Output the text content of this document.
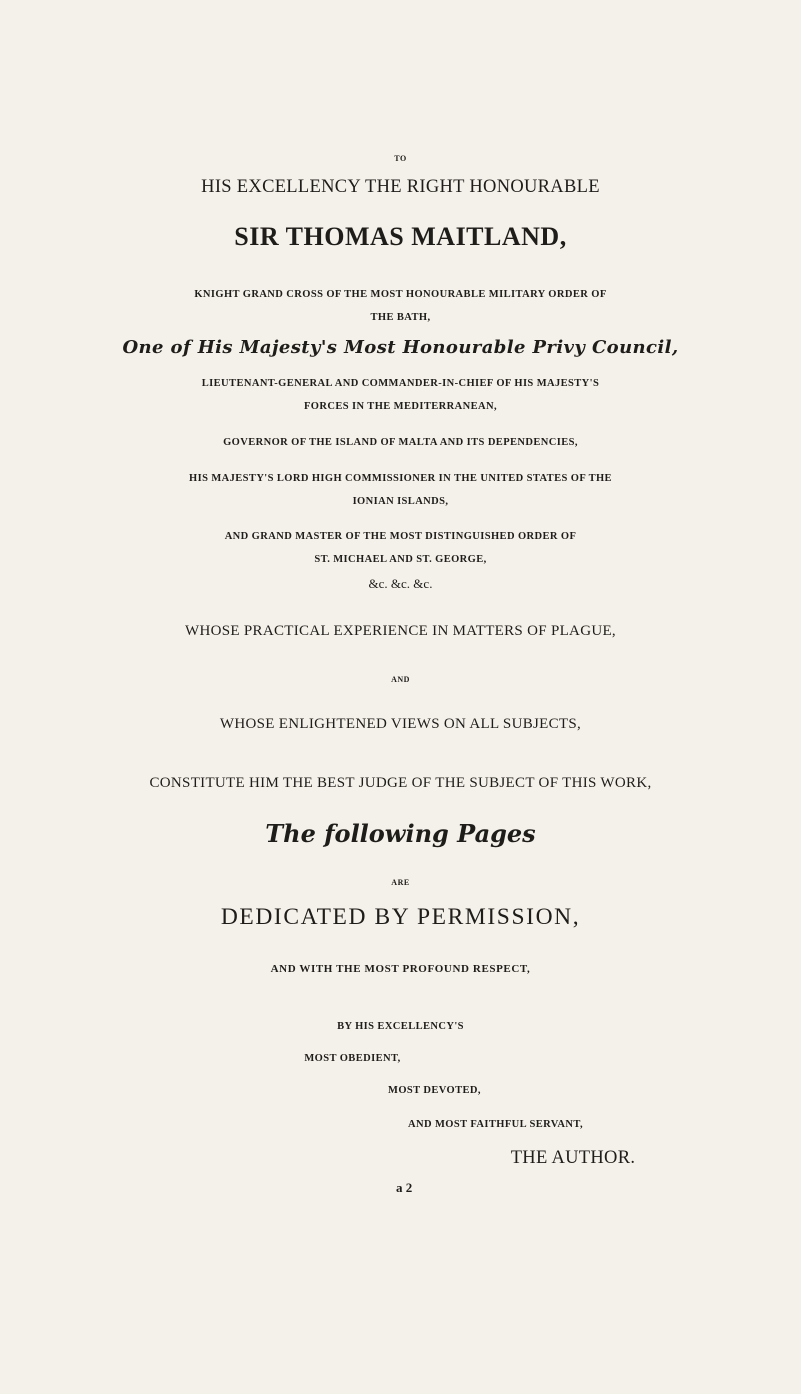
TO
HIS EXCELLENCY THE RIGHT HONOURABLE
SIR THOMAS MAITLAND,
KNIGHT GRAND CROSS OF THE MOST HONOURABLE MILITARY ORDER OF
THE BATH,
One of His Majesty's Most Honourable Privy Council,
LIEUTENANT-GENERAL AND COMMANDER-IN-CHIEF OF HIS MAJESTY'S
FORCES IN THE MEDITERRANEAN,
GOVERNOR OF THE ISLAND OF MALTA AND ITS DEPENDENCIES,
HIS MAJESTY'S LORD HIGH COMMISSIONER IN THE UNITED STATES OF THE
IONIAN ISLANDS,
AND GRAND MASTER OF THE MOST DISTINGUISHED ORDER OF
ST. MICHAEL AND ST. GEORGE,
&c. &c. &c.
WHOSE PRACTICAL EXPERIENCE IN MATTERS OF PLAGUE,
AND
WHOSE ENLIGHTENED VIEWS ON ALL SUBJECTS,
CONSTITUTE HIM THE BEST JUDGE OF THE SUBJECT OF THIS WORK,
The following Pages
ARE
DEDICATED BY PERMISSION,
AND WITH THE MOST PROFOUND RESPECT,
BY HIS EXCELLENCY'S
MOST OBEDIENT,
MOST DEVOTED,
AND MOST FAITHFUL SERVANT,
THE AUTHOR.
a 2
